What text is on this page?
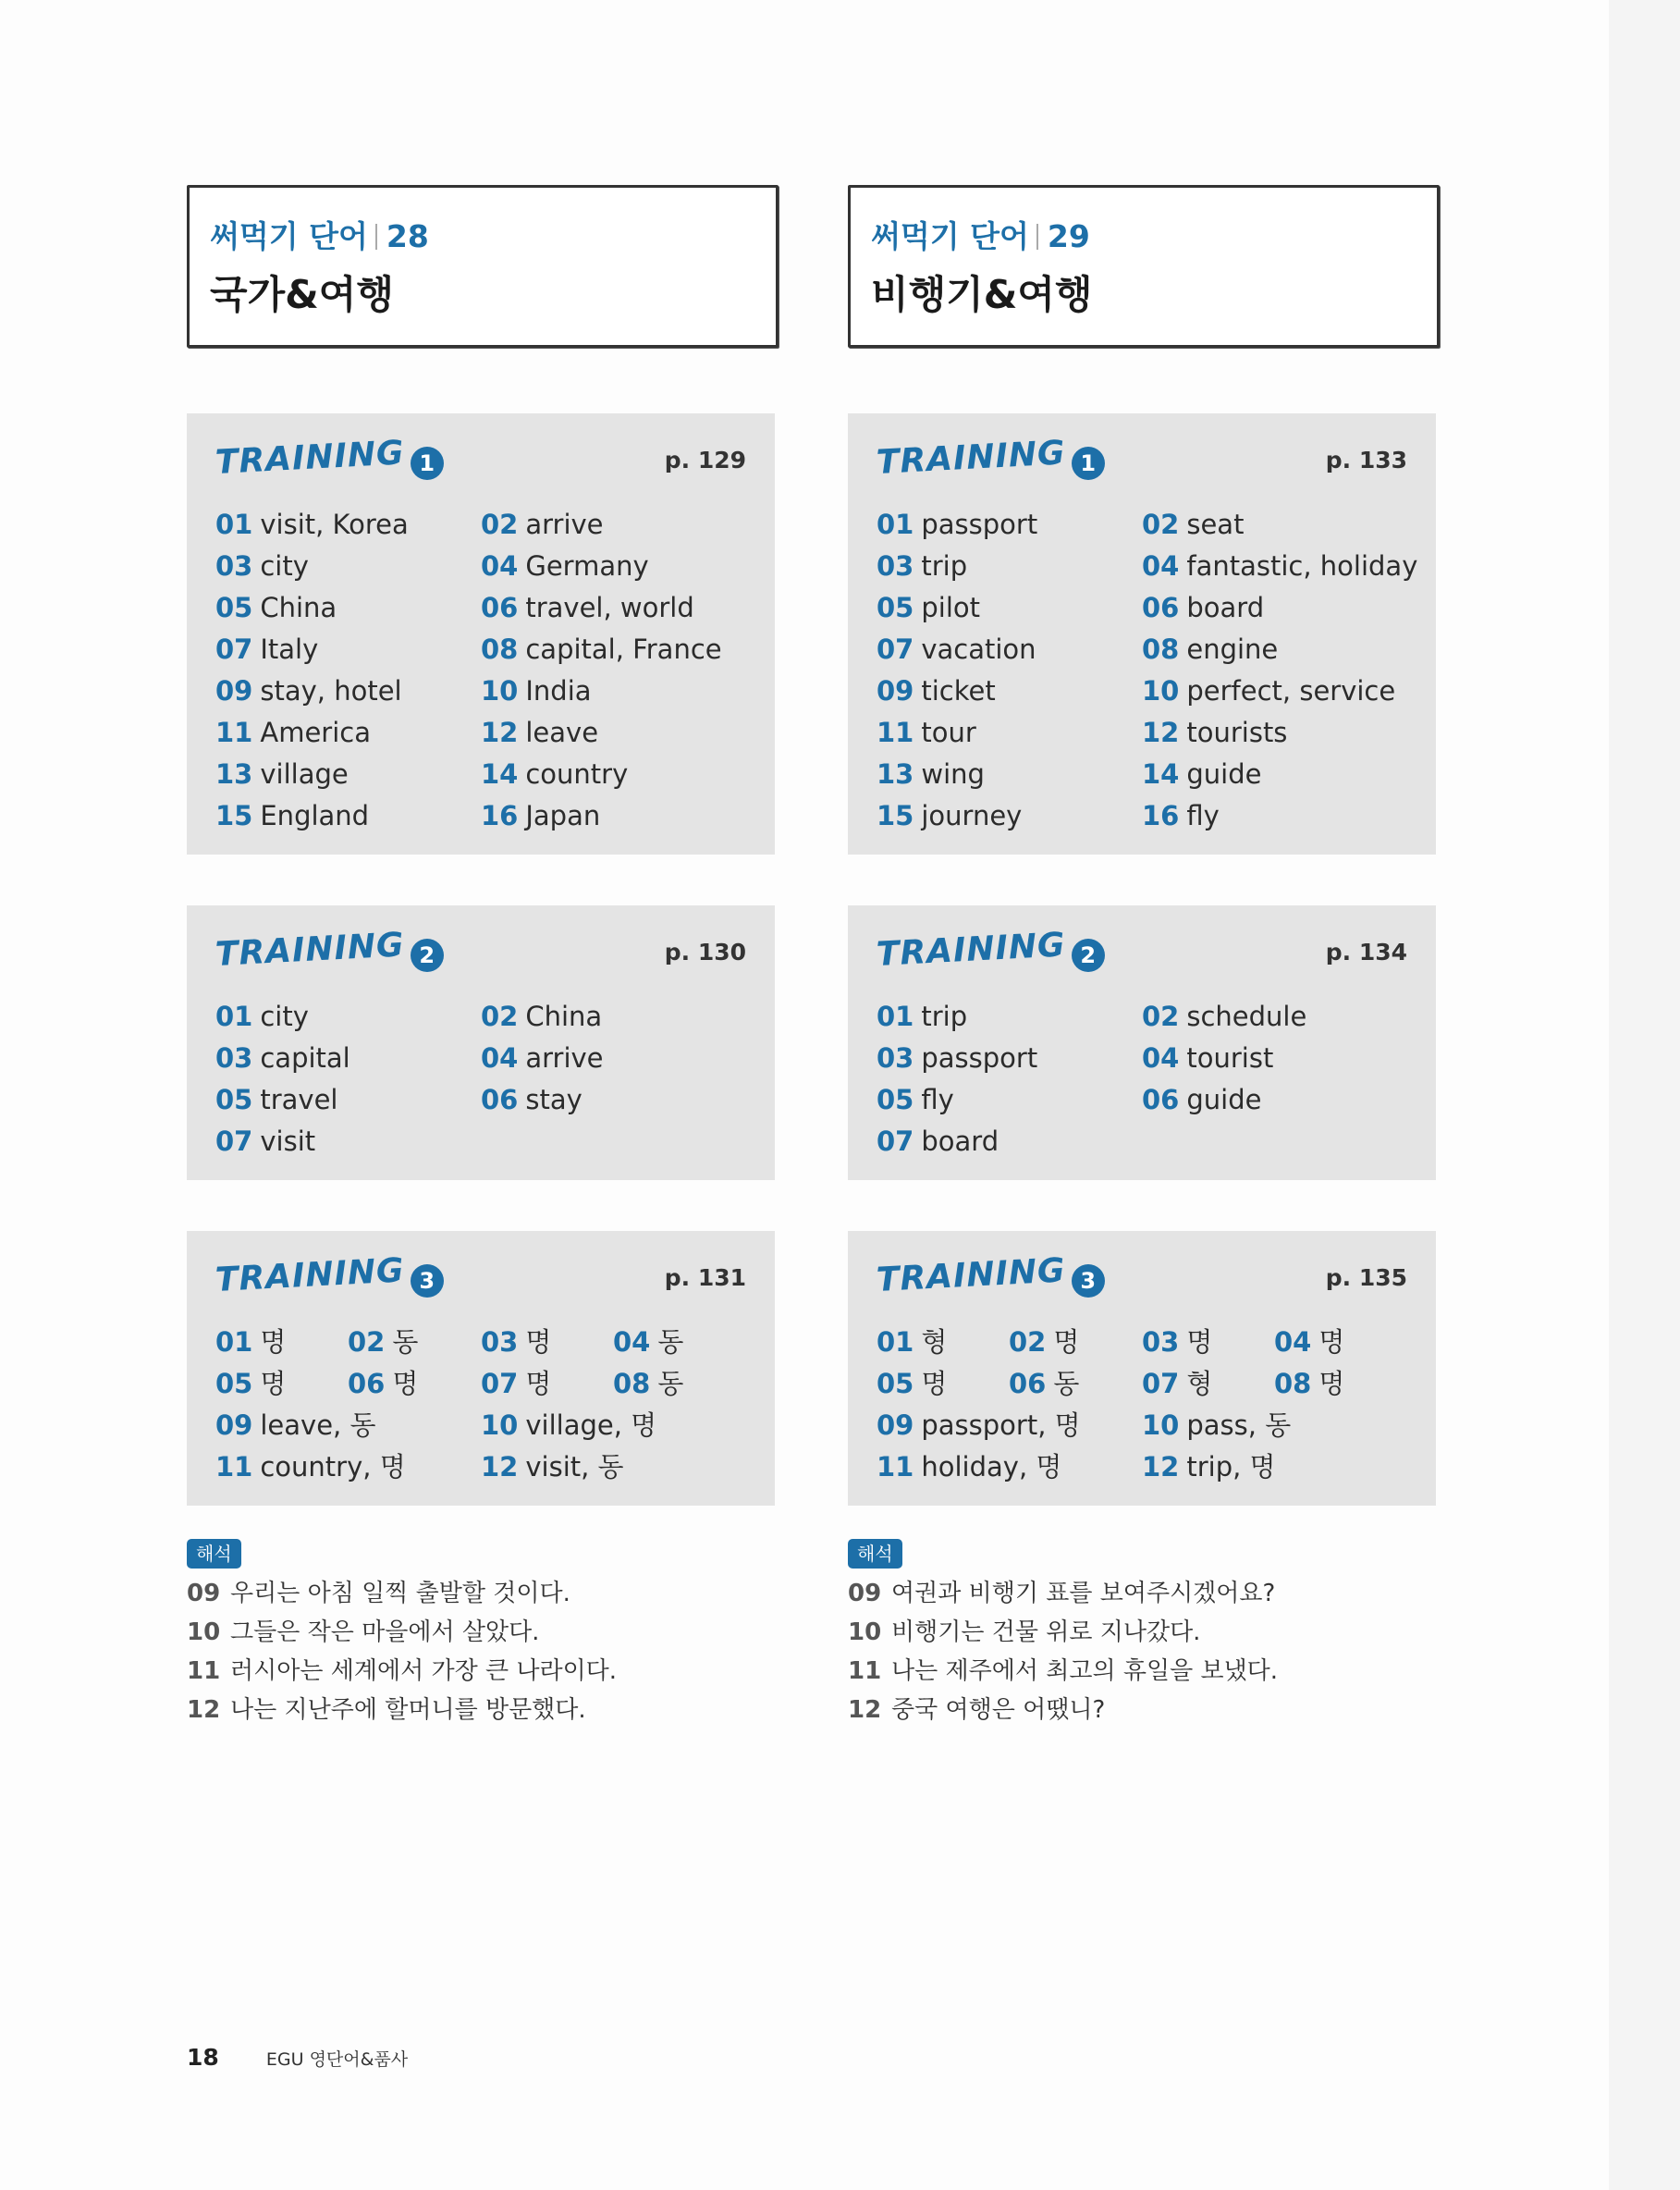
써먹기 단어 28
국가&여행
TRAINING 1	p. 129
01 visit, Korea	02 arrive
03 city	04 Germany
05 China	06 travel, world
07 Italy	08 capital, France
09 stay, hotel	10 India
11 America	12 leave
13 village	14 country
15 England	16 Japan
TRAINING 2	p. 130
01 city	02 China
03 capital	04 arrive
05 travel	06 stay
07 visit
TRAINING 3	p. 131
01 명 02 동 03 명 04 동
05 명 06 명 07 명 08 동
09 leave, 동	10 village, 명
11 country, 명	12 visit, 동
해석
09 우리는 아침 일찍 출발할 것이다.
10 그들은 작은 마을에서 살았다.
11 러시아는 세계에서 가장 큰 나라이다.
12 나는 지난주에 할머니를 방문했다.
써먹기 단어 29
비행기&여행
TRAINING 1	p. 133
01 passport	02 seat
03 trip	04 fantastic, holiday
05 pilot	06 board
07 vacation	08 engine
09 ticket	10 perfect, service
11 tour	12 tourists
13 wing	14 guide
15 journey	16 fly
TRAINING 2	p. 134
01 trip	02 schedule
03 passport	04 tourist
05 fly	06 guide
07 board
TRAINING 3	p. 135
01 형 02 명 03 명 04 명
05 명 06 동 07 형 08 명
09 passport, 명 10 pass, 동
11 holiday, 명	12 trip, 명
해석
09 여권과 비행기 표를 보여주시겠어요?
10 비행기는 건물 위로 지나갔다.
11 나는 제주에서 최고의 휴일을 보냈다.
12 중국 여행은 어땠니?
18	EGU 영단어&품사
